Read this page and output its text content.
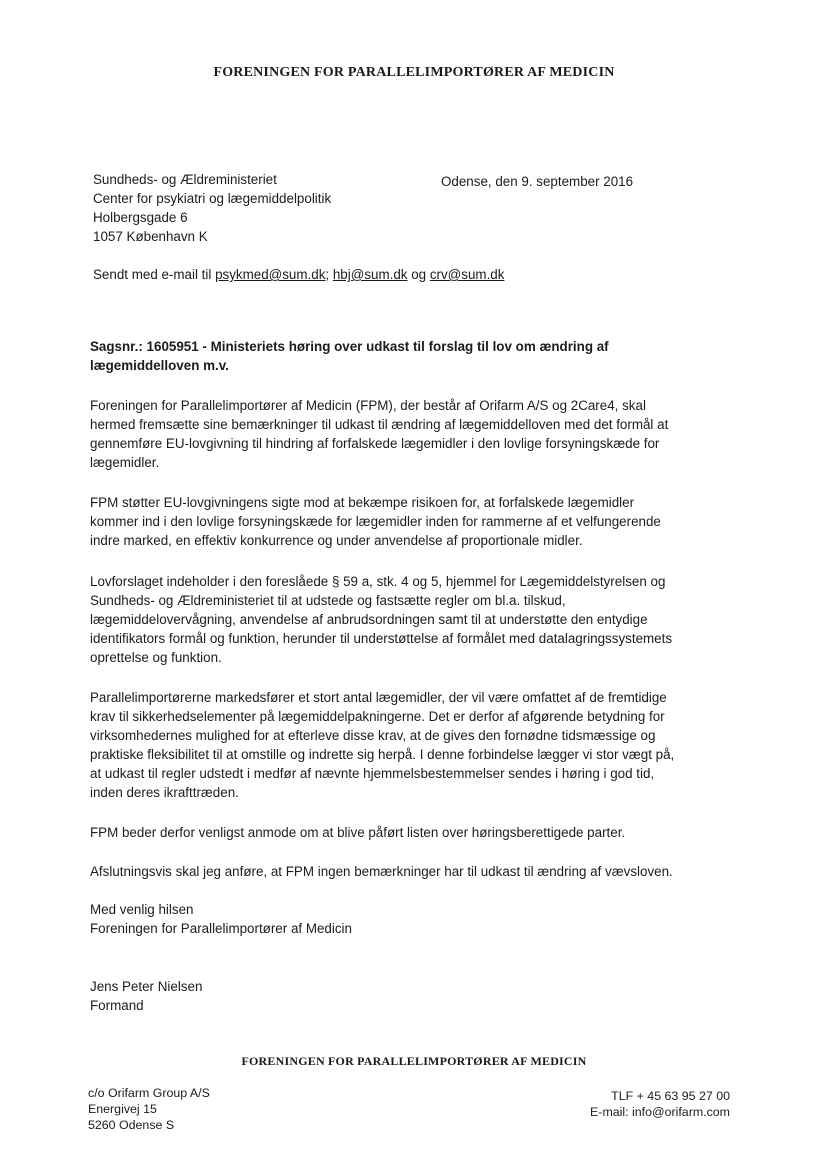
FORENINGEN FOR PARALLELIMPORTØRER AF MEDICIN
Sundheds- og Ældreministeriet
Center for psykiatri og lægemiddelpolitik
Holbergsgade 6
1057 København K
Odense, den 9. september 2016
Sendt med e-mail til psykmed@sum.dk; hbj@sum.dk og crv@sum.dk
Sagsnr.: 1605951 - Ministeriets høring over udkast til forslag til lov om ændring af
lægemiddelloven m.v.
Foreningen for Parallelimportører af Medicin (FPM), der består af Orifarm A/S og 2Care4, skal
hermed fremsætte sine bemærkninger til udkast til ændring af lægemiddelloven med det formål at
gennemføre EU-lovgivning til hindring af forfalskede lægemidler i den lovlige forsyningskæde for
lægemidler.
FPM støtter EU-lovgivningens sigte mod at bekæmpe risikoen for, at forfalskede lægemidler
kommer ind i den lovlige forsyningskæde for lægemidler inden for rammerne af et velfungerende
indre marked, en effektiv konkurrence og under anvendelse af proportionale midler.
Lovforslaget indeholder i den foreslåede § 59 a, stk. 4 og 5, hjemmel for Lægemiddelstyrelsen og
Sundheds- og Ældreministeriet til at udstede og fastsætte regler om bl.a. tilskud,
lægemiddelovervågning, anvendelse af anbrudsordningen samt til at understøtte den entydige
identifikators formål og funktion, herunder til understøttelse af formålet med datalagringssystemets
oprettelse og funktion.
Parallelimportørerne markedsfører et stort antal lægemidler, der vil være omfattet af de fremtidige
krav til sikkerhedselementer på lægemiddelpakningerne. Det er derfor af afgørende betydning for
virksomhedernes mulighed for at efterleve disse krav, at de gives den fornødne tidsmæssige og
praktiske fleksibilitet til at omstille og indrette sig herpå. I denne forbindelse lægger vi stor vægt på,
at udkast til regler udstedt i medfør af nævnte hjemmelsbestemmelser sendes i høring i god tid,
inden deres ikrafttræden.
FPM beder derfor venligst anmode om at blive påført listen over høringsberettigede parter.
Afslutningsvis skal jeg anføre, at FPM ingen bemærkninger har til udkast til ændring af vævsloven.
Med venlig hilsen
Foreningen for Parallelimportører af Medicin
Jens Peter Nielsen
Formand
FORENINGEN FOR PARALLELIMPORTØRER AF MEDICIN
c/o Orifarm Group A/S
Energivej 15
5260 Odense S
TLF + 45 63 95 27 00
E-mail: info@orifarm.com
